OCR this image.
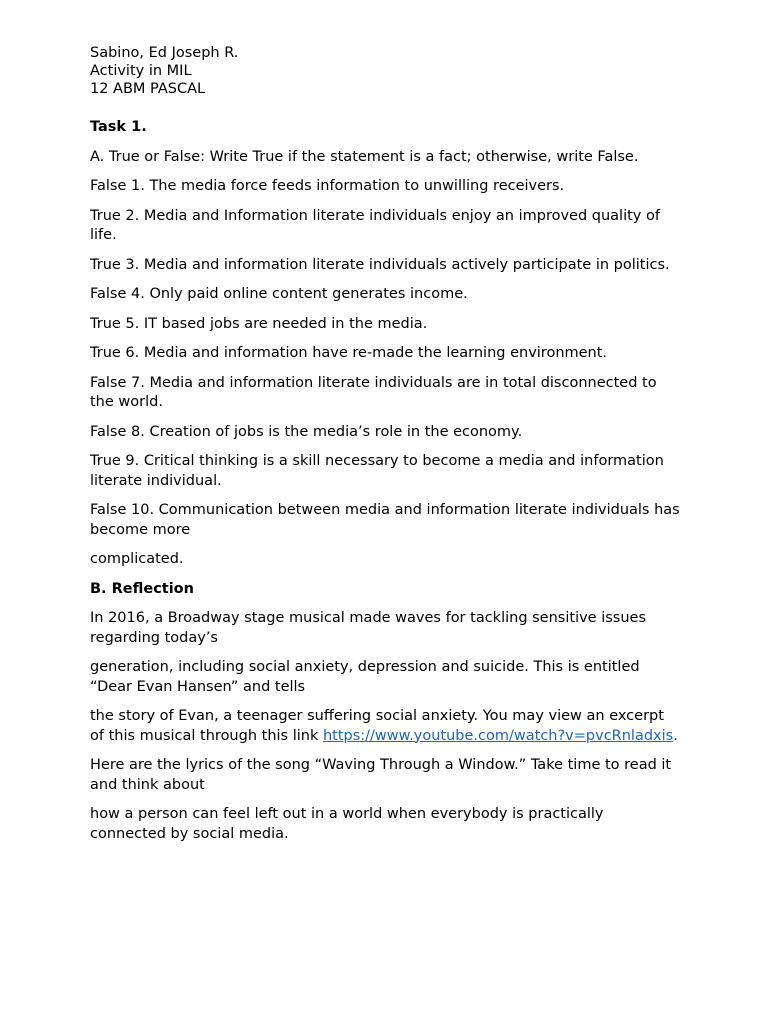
Sabino, Ed Joseph R.

Activity in MIL

12 ABM PASCAL

Task 1.

A. True or False: Write True if the statement is a fact; otherwise, write False.

False 1. The media force feeds information to unwilling receivers.

True 2. Media and Information literate individuals enjoy an improved quality of life.

True 3. Media and information literate individuals actively participate in politics.

False 4. Only paid online content generates income.

True 5. IT based jobs are needed in the media.

True 6. Media and information have re-made the learning environment.

False 7. Media and information literate individuals are in total disconnected to the world.

False 8. Creation of jobs is the media’s role in the economy.

True 9. Critical thinking is a skill necessary to become a media and information literate individual.

False 10. Communication between media and information literate individuals has become more

complicated.

B. Reflection

In 2016, a Broadway stage musical made waves for tackling sensitive issues regarding today’s

generation, including social anxiety, depression and suicide. This is entitled “Dear Evan Hansen” and tells

the story of Evan, a teenager suffering social anxiety. You may view an excerpt of this musical through this link https://www.youtube.com/watch?v=pvcRnladxis.

Here are the lyrics of the song “Waving Through a Window.” Take time to read it and think about

how a person can feel left out in a world when everybody is practically connected by social media.
